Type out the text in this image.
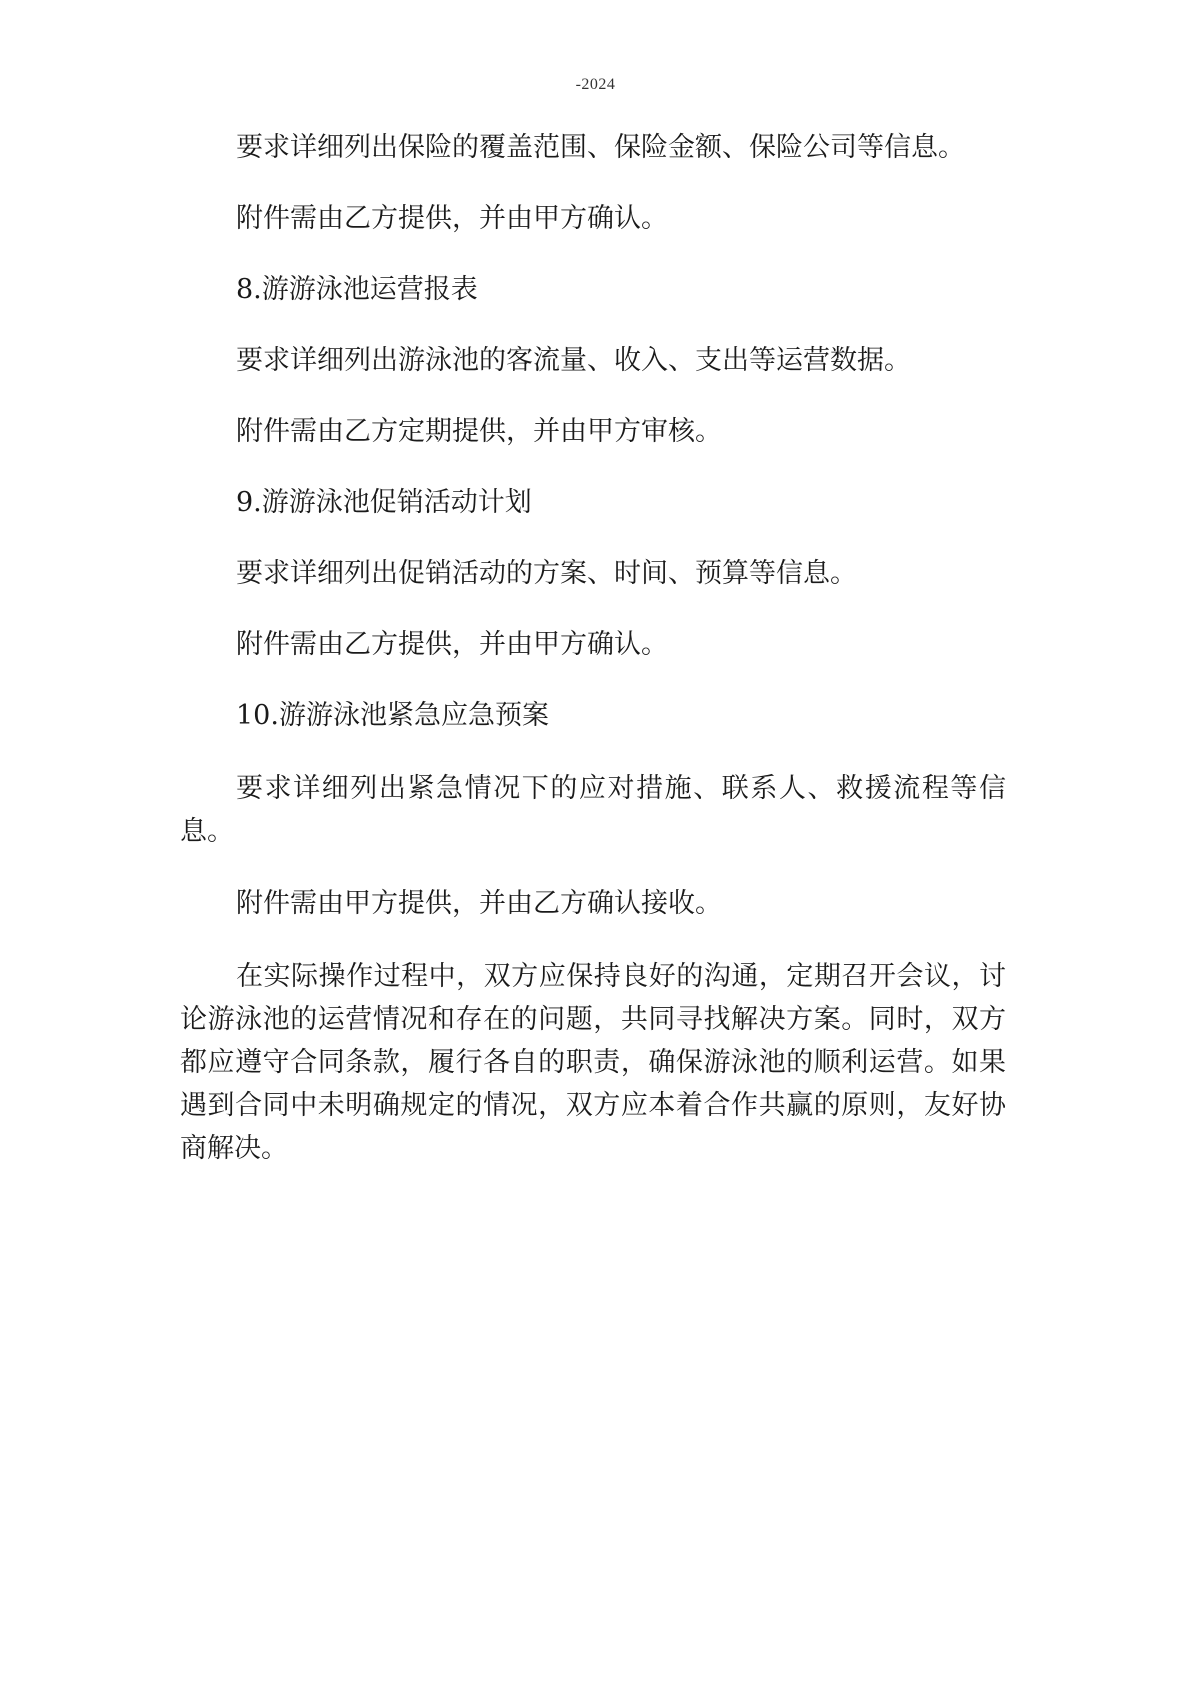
-2024

要求详细列出保险的覆盖范围、保险金额、保险公司等信息。

附件需由乙方提供，并由甲方确认。

8.游游泳池运营报表

要求详细列出游泳池的客流量、收入、支出等运营数据。

附件需由乙方定期提供，并由甲方审核。

9.游游泳池促销活动计划

要求详细列出促销活动的方案、时间、预算等信息。

附件需由乙方提供，并由甲方确认。

10.游游泳池紧急应急预案

要求详细列出紧急情况下的应对措施、联系人、救援流程等信息。

附件需由甲方提供，并由乙方确认接收。

在实际操作过程中，双方应保持良好的沟通，定期召开会议，讨论游泳池的运营情况和存在的问题，共同寻找解决方案。同时，双方都应遵守合同条款，履行各自的职责，确保游泳池的顺利运营。如果遇到合同中未明确规定的情况，双方应本着合作共赢的原则，友好协商解决。
